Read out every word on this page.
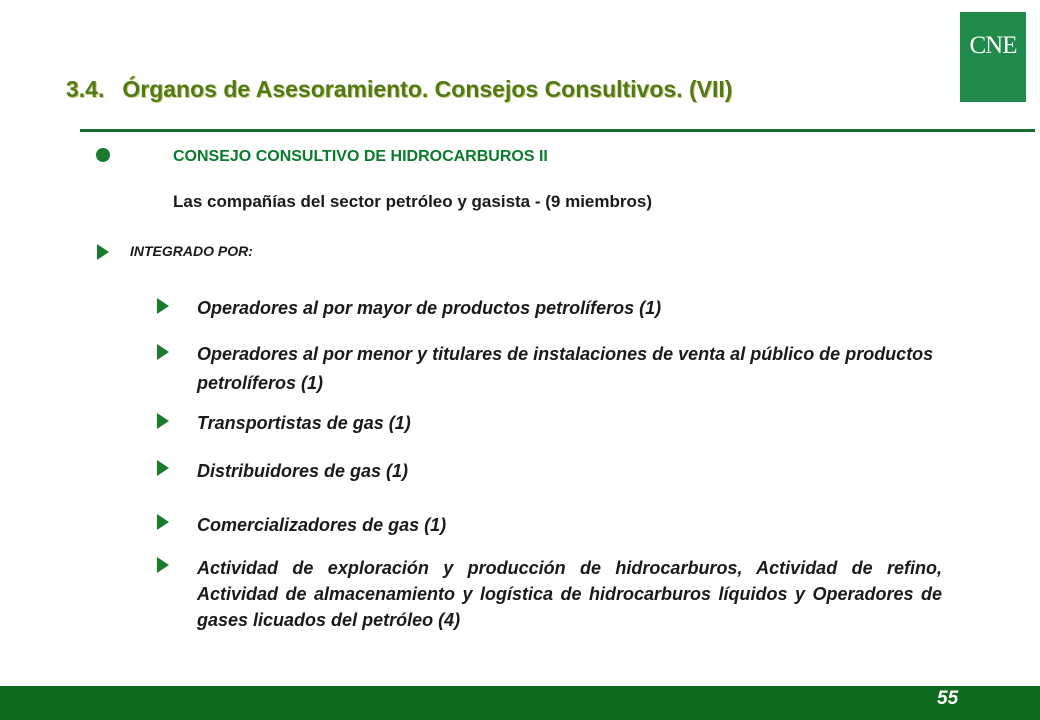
CNE
3.4. Órganos de Asesoramiento. Consejos Consultivos. (VII)
CONSEJO CONSULTIVO DE HIDROCARBUROS II
Las compañías del sector petróleo y gasista - (9 miembros)
INTEGRADO POR:
Operadores al por mayor de productos petrolíferos (1)
Operadores al por menor y titulares de instalaciones de venta al público de productos petrolíferos (1)
Transportistas de gas (1)
Distribuidores de gas (1)
Comercializadores de gas (1)
Actividad de exploración y producción de hidrocarburos, Actividad de refino, Actividad de almacenamiento y logística de hidrocarburos líquidos y Operadores de gases licuados del petróleo (4)
55
